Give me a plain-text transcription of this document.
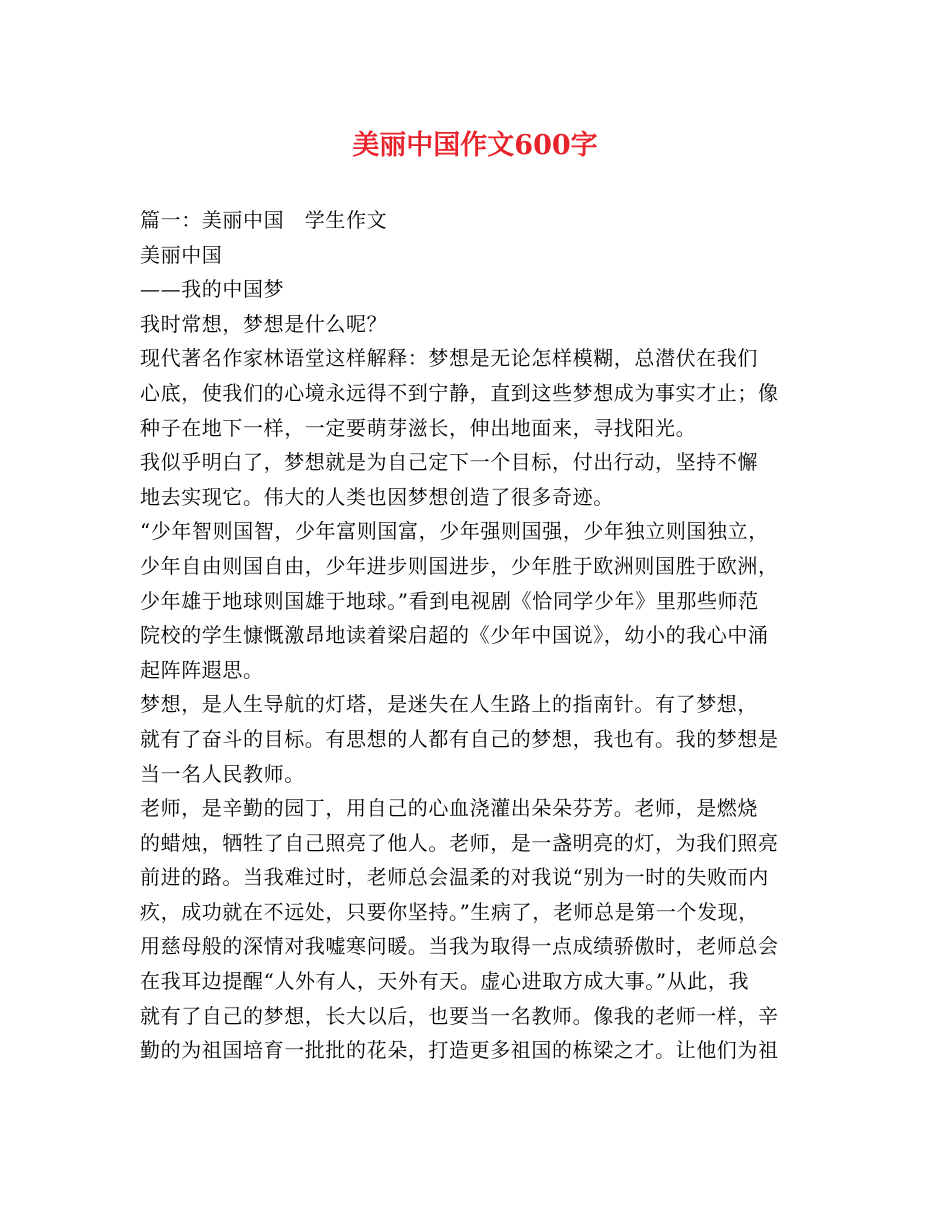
美丽中国作文600字
篇一：美丽中国　学生作文
美丽中国
——我的中国梦
我时常想，梦想是什么呢？
现代著名作家林语堂这样解释：梦想是无论怎样模糊，总潜伏在我们
心底，使我们的心境永远得不到宁静，直到这些梦想成为事实才止；像
种子在地下一样，一定要萌芽滋长，伸出地面来，寻找阳光。
我似乎明白了，梦想就是为自己定下一个目标，付出行动，坚持不懈
地去实现它。伟大的人类也因梦想创造了很多奇迹。
“少年智则国智，少年富则国富，少年强则国强，少年独立则国独立，
少年自由则国自由，少年进步则国进步，少年胜于欧洲则国胜于欧洲，
少年雄于地球则国雄于地球。”看到电视剧《恰同学少年》里那些师范
院校的学生慷慨激昂地读着梁启超的《少年中国说》，幼小的我心中涌
起阵阵遐思。
梦想，是人生导航的灯塔，是迷失在人生路上的指南针。有了梦想，
就有了奋斗的目标。有思想的人都有自己的梦想，我也有。我的梦想是
当一名人民教师。
老师，是辛勤的园丁，用自己的心血浇灌出朵朵芬芳。老师，是燃烧
的蜡烛，牺牲了自己照亮了他人。老师，是一盏明亮的灯，为我们照亮
前进的路。当我难过时，老师总会温柔的对我说“别为一时的失败而内
疚，成功就在不远处，只要你坚持。”生病了，老师总是第一个发现，
用慈母般的深情对我嘘寒问暖。当我为取得一点成绩骄傲时，老师总会
在我耳边提醒“人外有人，天外有天。虚心进取方成大事。”从此，我
就有了自己的梦想，长大以后，也要当一名教师。像我的老师一样，辛
勤的为祖国培育一批批的花朵，打造更多祖国的栋梁之才。让他们为祖
